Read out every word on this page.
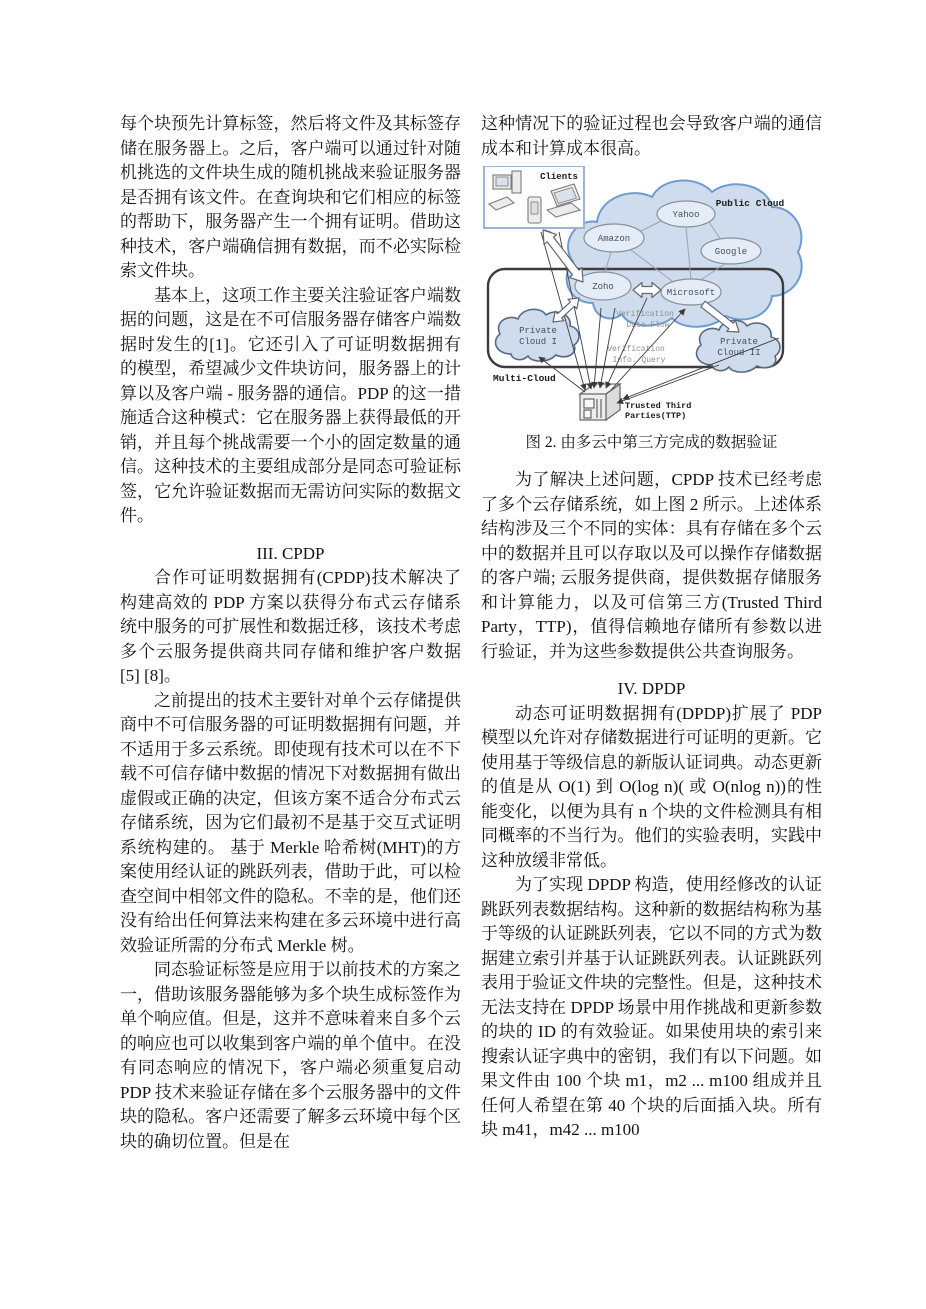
每个块预先计算标签，然后将文件及其标签存储在服务器上。之后，客户端可以通过针对随机挑选的文件块生成的随机挑战来验证服务器是否拥有该文件。在查询块和它们相应的标签的帮助下，服务器产生一个拥有证明。借助这种技术，客户端确信拥有数据，而不必实际检索文件块。

基本上，这项工作主要关注验证客户端数据的问题，这是在不可信服务器存储客户端数据时发生的[1]。它还引入了可证明数据拥有的模型，希望减少文件块访问，服务器上的计算以及客户端 - 服务器的通信。PDP 的这一措施适合这种模式：它在服务器上获得最低的开销，并且每个挑战需要一个小的固定数量的通信。这种技术的主要组成部分是同态可验证标签，它允许验证数据而无需访问实际的数据文件。

III. CPDP

合作可证明数据拥有(CPDP)技术解决了构建高效的 PDP 方案以获得分布式云存储系统中服务的可扩展性和数据迁移，该技术考虑多个云服务提供商共同存储和维护客户数据[5] [8]。

之前提出的技术主要针对单个云存储提供商中不可信服务器的可证明数据拥有问题，并不适用于多云系统。即使现有技术可以在不下载不可信存储中数据的情况下对数据拥有做出虚假或正确的决定，但该方案不适合分布式云存储系统，因为它们最初不是基于交互式证明系统构建的。 基于 Merkle 哈希树(MHT)的方案使用经认证的跳跃列表，借助于此，可以检查空间中相邻文件的隐私。不幸的是，他们还没有给出任何算法来构建在多云环境中进行高效验证所需的分布式 Merkle 树。

同态验证标签是应用于以前技术的方案之一，借助该服务器能够为多个块生成标签作为单个响应值。但是，这并不意味着来自多个云的响应也可以收集到客户端的单个值中。在没有同态响应的情况下，客户端必须重复启动 PDP 技术来验证存储在多个云服务器中的文件块的隐私。客户还需要了解多云环境中每个区块的确切位置。但是在

这种情况下的验证过程也会导致客户端的通信成本和计算成本很高。

Yahoo
Amazon
Google
Zoho
Microsoft
Public Cloud
Clients
Private
Cloud I	Private
Cloud II
Verification
Data Flow
Verification
Info. Query
Multi-Cloud
Trusted Third
Parties(TTP)

图 2. 由多云中第三方完成的数据验证

为了解决上述问题，CPDP 技术已经考虑了多个云存储系统，如上图 2 所示。上述体系结构涉及三个不同的实体：具有存储在多个云中的数据并且可以存取以及可以操作存储数据的客户端; 云服务提供商，提供数据存储服务和计算能力，以及可信第三方(Trusted Third Party，TTP)，值得信赖地存储所有参数以进行验证，并为这些参数提供公共查询服务。

IV. DPDP

动态可证明数据拥有(DPDP)扩展了 PDP 模型以允许对存储数据进行可证明的更新。它使用基于等级信息的新版认证词典。动态更新的值是从 O(1) 到 O(log n)( 或 O(nlog n))的性能变化，以便为具有 n 个块的文件检测具有相同概率的不当行为。他们的实验表明，实践中这种放缓非常低。

为了实现 DPDP 构造，使用经修改的认证跳跃列表数据结构。这种新的数据结构称为基于等级的认证跳跃列表，它以不同的方式为数据建立索引并基于认证跳跃列表。认证跳跃列表用于验证文件块的完整性。但是，这种技术无法支持在 DPDP 场景中用作挑战和更新参数的块的 ID 的有效验证。如果使用块的索引来搜索认证字典中的密钥，我们有以下问题。如果文件由 100 个块 m1，m2 ... m100 组成并且任何人希望在第 40 个块的后面插入块。所有块 m41，m42 ... m100
